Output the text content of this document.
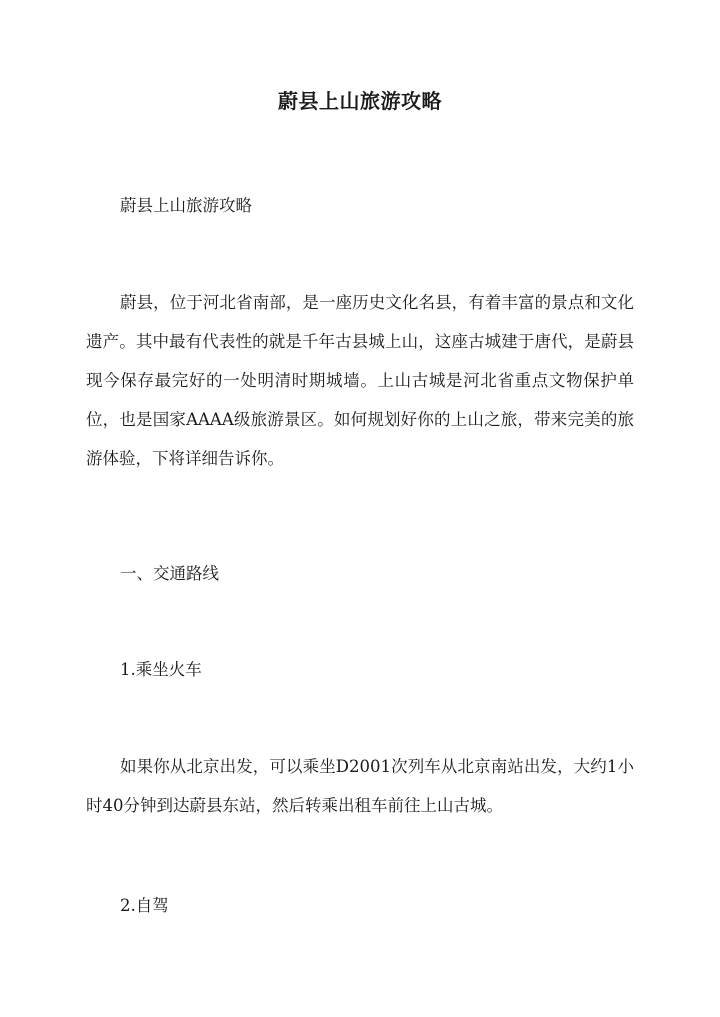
蔚县上山旅游攻略
蔚县上山旅游攻略
蔚县，位于河北省南部，是一座历史文化名县，有着丰富的景点和文化遗产。其中最有代表性的就是千年古县城上山，这座古城建于唐代，是蔚县现今保存最完好的一处明清时期城墙。上山古城是河北省重点文物保护单位，也是国家AAAA级旅游景区。如何规划好你的上山之旅，带来完美的旅游体验，下将详细告诉你。
一、交通路线
1.乘坐火车
如果你从北京出发，可以乘坐D2001次列车从北京南站出发，大约1小时40分钟到达蔚县东站，然后转乘出租车前往上山古城。
2.自驾
